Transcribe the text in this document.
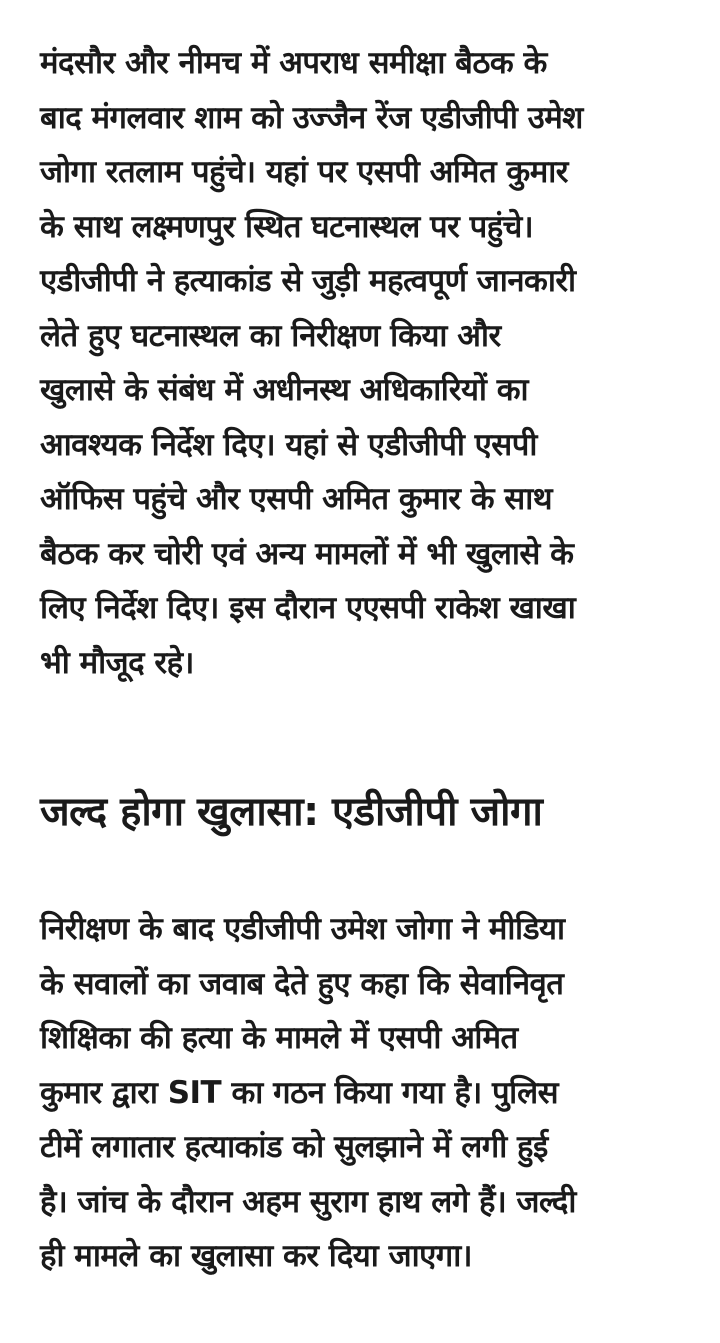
मंदसौर और नीमच में अपराध समीक्षा बैठक के
बाद मंगलवार शाम को उज्जैन रेंज एडीजीपी उमेश
जोगा रतलाम पहुंचे। यहां पर एसपी अमित कुमार
के साथ लक्ष्मणपुर स्थित घटनास्थल पर पहुंचे।
एडीजीपी ने हत्याकांड से जुड़ी महत्वपूर्ण जानकारी
लेते हुए घटनास्थल का निरीक्षण किया और
खुलासे के संबंध में अधीनस्थ अधिकारियों का
आवश्यक निर्देश दिए। यहां से एडीजीपी एसपी
ऑफिस पहुंचे और एसपी अमित कुमार के साथ
बैठक कर चोरी एवं अन्य मामलों में भी खुलासे के
लिए निर्देश दिए। इस दौरान एएसपी राकेश खाखा
भी मौजूद रहे।

जल्द होगा खुलासा: एडीजीपी जोगा

निरीक्षण के बाद एडीजीपी उमेश जोगा ने मीडिया
के सवालों का जवाब देते हुए कहा कि सेवानिवृत
शिक्षिका की हत्या के मामले में एसपी अमित
कुमार द्वारा SIT का गठन किया गया है। पुलिस
टीमें लगातार हत्याकांड को सुलझाने में लगी हुई
है। जांच के दौरान अहम सुराग हाथ लगे हैं। जल्दी
ही मामले का खुलासा कर दिया जाएगा।
